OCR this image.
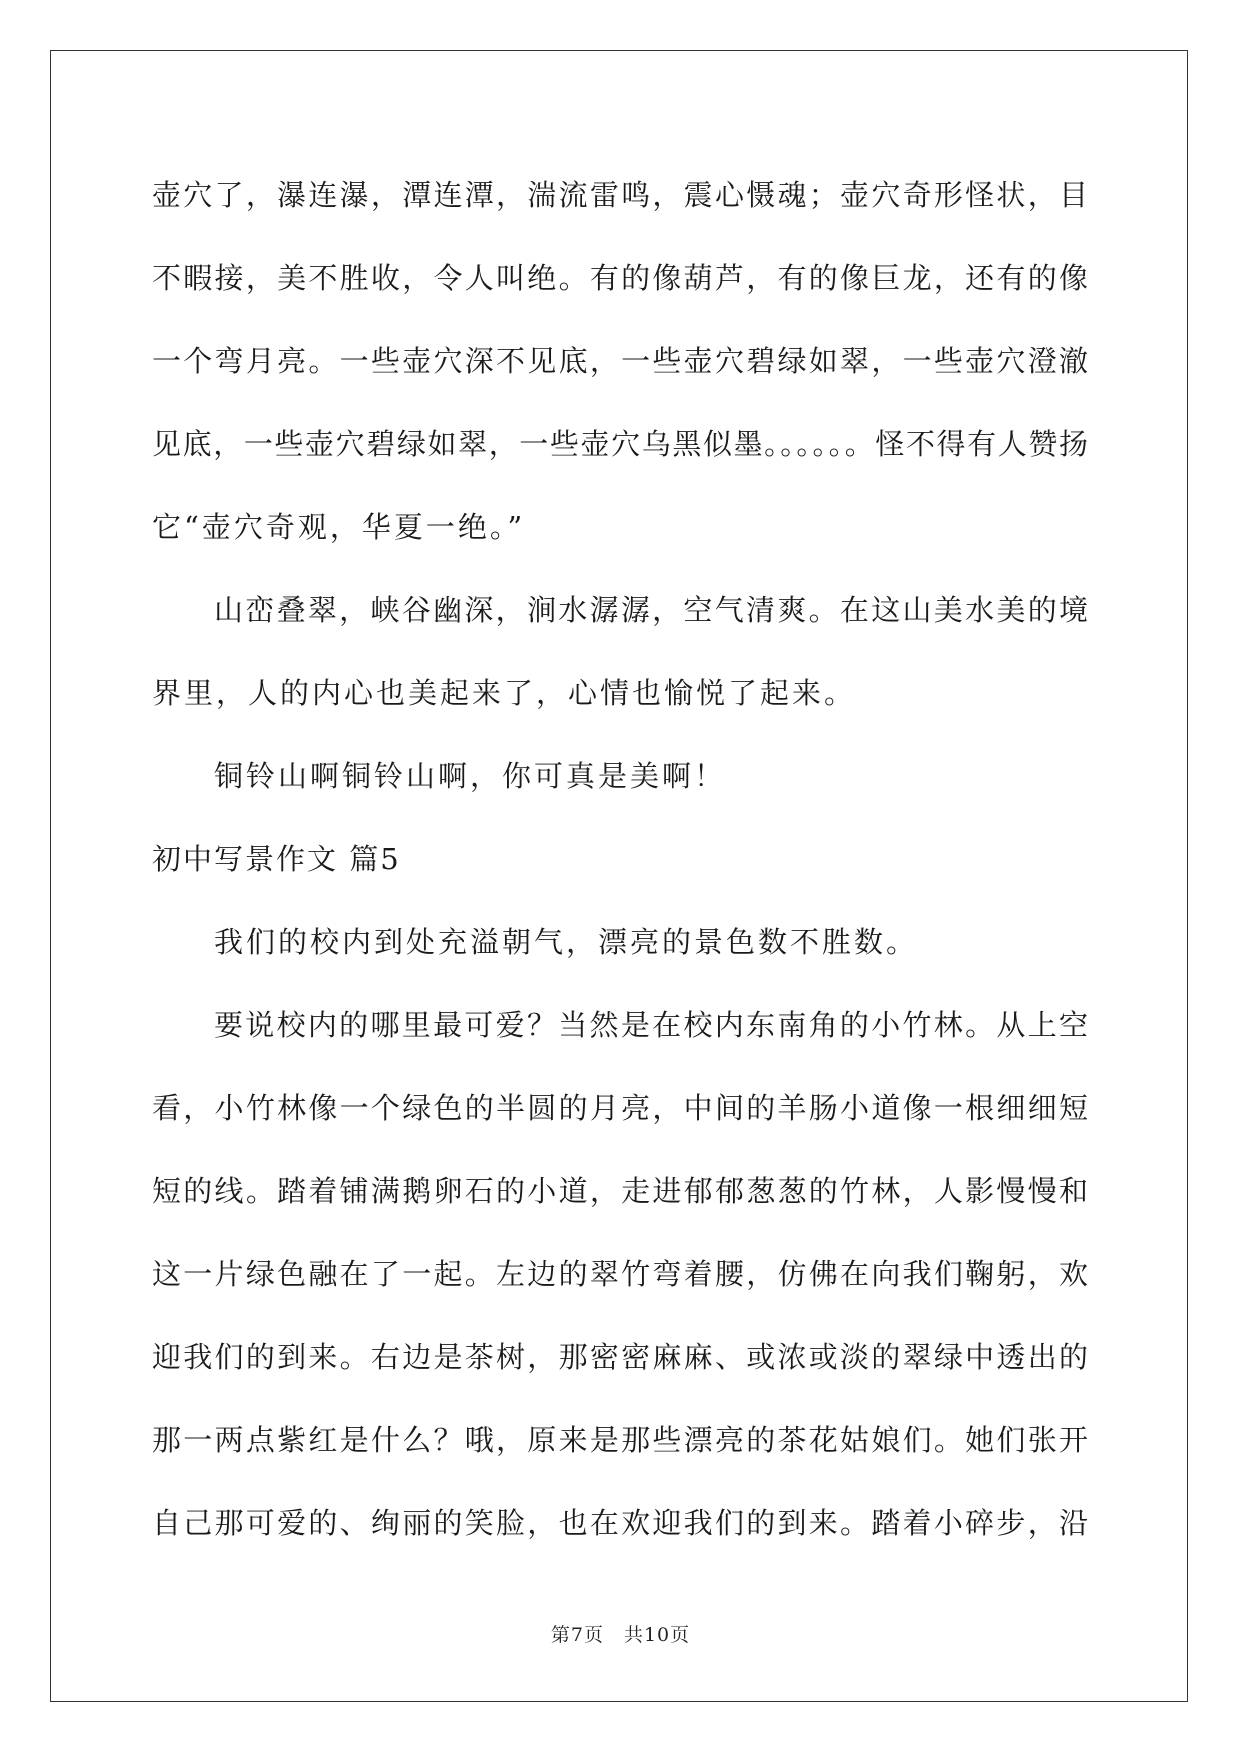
壶穴了，瀑连瀑，潭连潭，湍流雷鸣，震心慑魂；壶穴奇形怪状，目
不暇接，美不胜收，令人叫绝。有的像葫芦，有的像巨龙，还有的像
一个弯月亮。一些壶穴深不见底，一些壶穴碧绿如翠，一些壶穴澄澈
见底，一些壶穴碧绿如翠，一些壶穴乌黑似墨。。。。。。怪不得有人赞扬
它“壶穴奇观，华夏一绝。”
山峦叠翠，峡谷幽深，涧水潺潺，空气清爽。在这山美水美的境
界里，人的内心也美起来了，心情也愉悦了起来。
铜铃山啊铜铃山啊，你可真是美啊！
初中写景作文 篇5
我们的校内到处充溢朝气，漂亮的景色数不胜数。
要说校内的哪里最可爱？当然是在校内东南角的小竹林。从上空
看，小竹林像一个绿色的半圆的月亮，中间的羊肠小道像一根细细短
短的线。踏着铺满鹅卵石的小道，走进郁郁葱葱的竹林，人影慢慢和
这一片绿色融在了一起。左边的翠竹弯着腰，仿佛在向我们鞠躬，欢
迎我们的到来。右边是茶树，那密密麻麻、或浓或淡的翠绿中透出的
那一两点紫红是什么？哦，原来是那些漂亮的茶花姑娘们。她们张开
自己那可爱的、绚丽的笑脸，也在欢迎我们的到来。踏着小碎步，沿
第7页 共10页
